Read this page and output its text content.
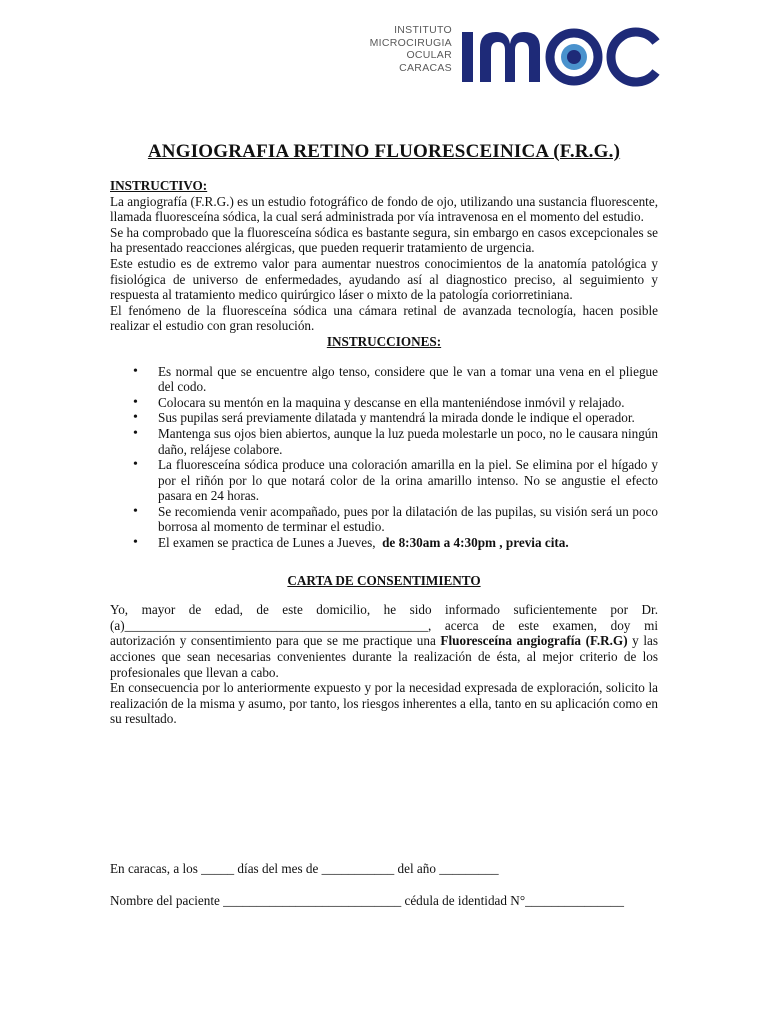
INSTITUTO
MICROCIRUGIA
OCULAR
CARACAS
ANGIOGRAFIA RETINO FLUORESCEINICA (F.R.G.)

INSTRUCTIVO:

La angiografía (F.R.G.) es un estudio fotográfico de fondo de ojo, utilizando una sustancia fluorescente, llamada fluoresceína sódica, la cual será administrada por vía intravenosa en el momento del estudio.

Se ha comprobado que la fluoresceína sódica es bastante segura, sin embargo en casos excepcionales se ha presentado reacciones alérgicas, que pueden requerir tratamiento de urgencia.

Este estudio es de extremo valor para aumentar nuestros conocimientos de la anatomía patológica y fisiológica de universo de enfermedades, ayudando así al diagnostico preciso, al seguimiento y respuesta al tratamiento medico quirúrgico láser o mixto de la patología coriorretiniana.

El fenómeno de la fluoresceína sódica una cámara retinal de avanzada tecnología, hacen posible realizar el estudio con gran resolución.

INSTRUCCIONES:

• Es normal que se encuentre algo tenso, considere que le van a tomar una vena en el pliegue del codo.
• Colocara su mentón en la maquina y descanse en ella manteniéndose inmóvil y relajado.
• Sus pupilas será previamente dilatada y mantendrá la mirada donde le indique el operador.
• Mantenga sus ojos bien abiertos, aunque la luz pueda molestarle un poco, no le causara ningún daño, relájese colabore.
• La fluoresceína sódica produce una coloración amarilla en la piel. Se elimina por el hígado y por el riñón por lo que notará color de la orina amarillo intenso. No se angustie el efecto pasara en 24 horas.
• Se recomienda venir acompañado, pues por la dilatación de las pupilas, su visión será un poco borrosa al momento de terminar el estudio.
• El examen se practica de Lunes a Jueves,  de 8:30am a 4:30pm , previa cita.

CARTA DE CONSENTIMIENTO

Yo, mayor de edad, de este domicilio, he sido informado suficientemente por Dr. (a)______________________________________________, acerca de este examen, doy mi autorización y consentimiento para que se me practique una Fluoresceína angiografía (F.R.G) y las acciones que sean necesarias convenientes durante la realización de ésta, al mejor criterio de los profesionales que llevan a cabo.

En consecuencia por lo anteriormente expuesto y por la necesidad expresada de exploración, solicito la realización de la misma y asumo, por tanto, los riesgos inherentes a ella, tanto en su aplicación como en su resultado.

En caracas, a los _____ días del mes de ___________ del año _________
Nombre del paciente ___________________________ cédula de identidad N°_______________
